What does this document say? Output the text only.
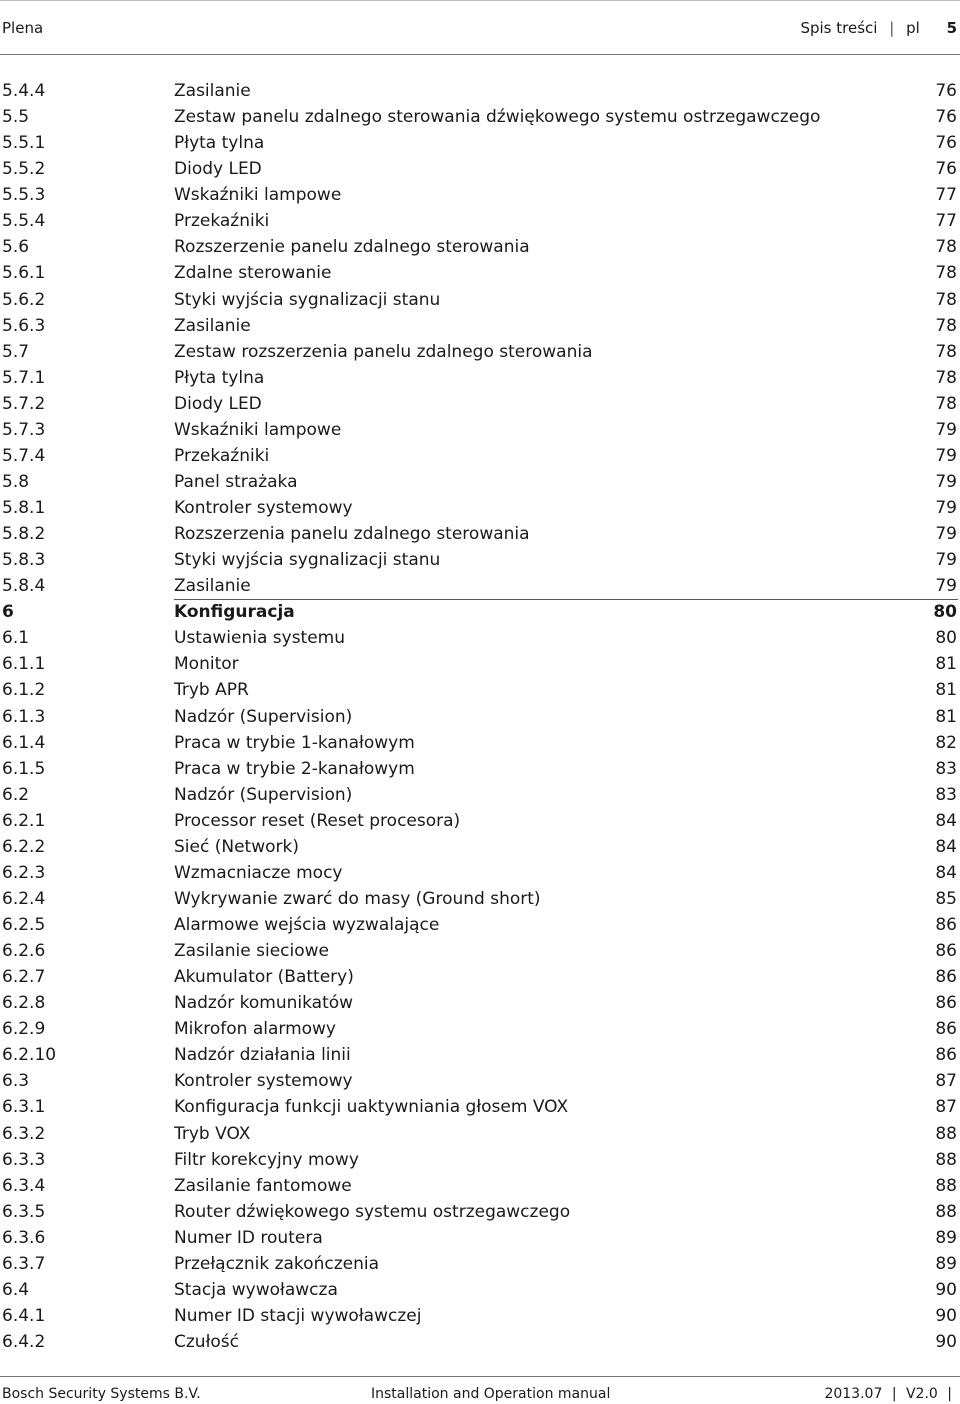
Plena	Spis treści | pl 5
5.4.4	Zasilanie	76
5.5	Zestaw panelu zdalnego sterowania dźwiękowego systemu ostrzegawczego	76
5.5.1	Płyta tylna	76
5.5.2	Diody LED	76
5.5.3	Wskaźniki lampowe	77
5.5.4	Przekaźniki	77
5.6	Rozszerzenie panelu zdalnego sterowania	78
5.6.1	Zdalne sterowanie	78
5.6.2	Styki wyjścia sygnalizacji stanu	78
5.6.3	Zasilanie	78
5.7	Zestaw rozszerzenia panelu zdalnego sterowania	78
5.7.1	Płyta tylna	78
5.7.2	Diody LED	78
5.7.3	Wskaźniki lampowe	79
5.7.4	Przekaźniki	79
5.8	Panel strażaka	79
5.8.1	Kontroler systemowy	79
5.8.2	Rozszerzenia panelu zdalnego sterowania	79
5.8.3	Styki wyjścia sygnalizacji stanu	79
5.8.4	Zasilanie	79
6	Konfiguracja	80
6.1	Ustawienia systemu	80
6.1.1	Monitor	81
6.1.2	Tryb APR	81
6.1.3	Nadzór (Supervision)	81
6.1.4	Praca w trybie 1-kanałowym	82
6.1.5	Praca w trybie 2-kanałowym	83
6.2	Nadzór (Supervision)	83
6.2.1	Processor reset (Reset procesora)	84
6.2.2	Sieć (Network)	84
6.2.3	Wzmacniacze mocy	84
6.2.4	Wykrywanie zwarć do masy (Ground short)	85
6.2.5	Alarmowe wejścia wyzwalające	86
6.2.6	Zasilanie sieciowe	86
6.2.7	Akumulator (Battery)	86
6.2.8	Nadzór komunikatów	86
6.2.9	Mikrofon alarmowy	86
6.2.10	Nadzór działania linii	86
6.3	Kontroler systemowy	87
6.3.1	Konfiguracja funkcji uaktywniania głosem VOX	87
6.3.2	Tryb VOX	88
6.3.3	Filtr korekcyjny mowy	88
6.3.4	Zasilanie fantomowe	88
6.3.5	Router dźwiękowego systemu ostrzegawczego	88
6.3.6	Numer ID routera	89
6.3.7	Przełącznik zakończenia	89
6.4	Stacja wywoławcza	90
6.4.1	Numer ID stacji wywoławczej	90
6.4.2	Czułość	90
Bosch Security Systems B.V.	Installation and Operation manual	2013.07 | V2.0 |
